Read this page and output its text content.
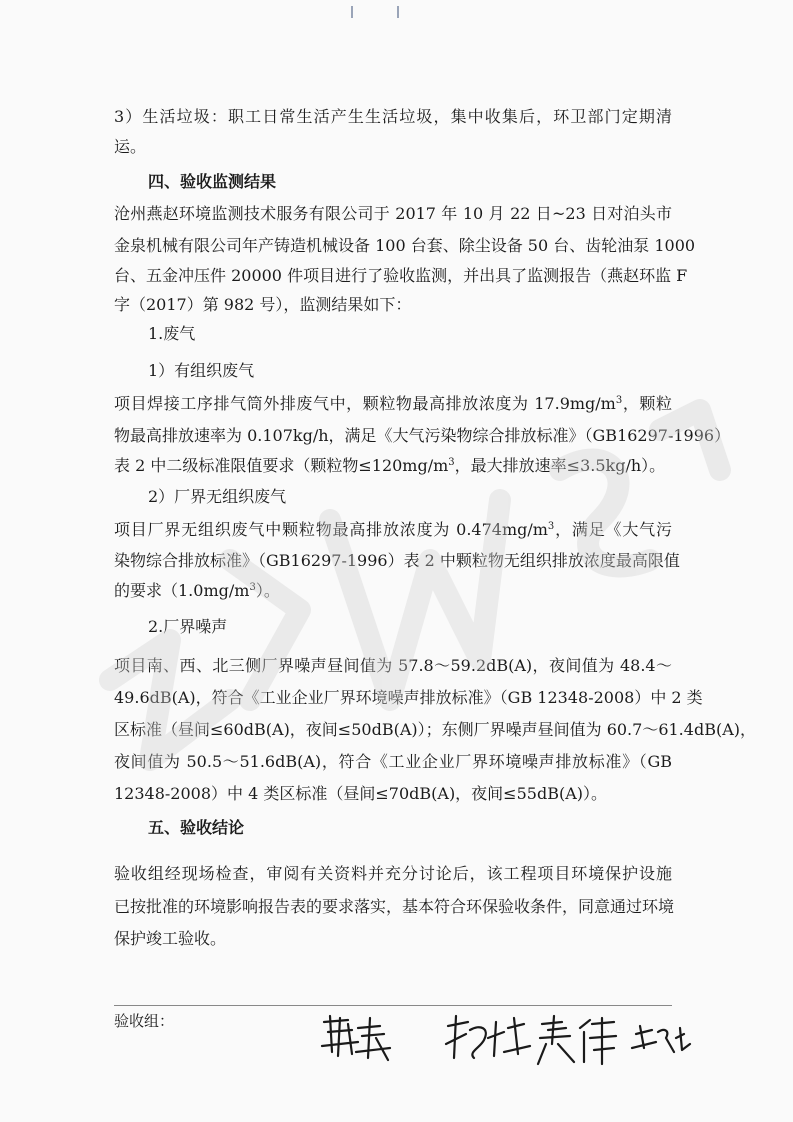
3）生活垃圾：职工日常生活产生生活垃圾，集中收集后，环卫部门定期清
运。
四、验收监测结果
沧州燕赵环境监测技术服务有限公司于 2017 年 10 月 22 日~23 日对泊头市
金泉机械有限公司年产铸造机械设备 100 台套、除尘设备 50 台、齿轮油泵 1000
台、五金冲压件 20000 件项目进行了验收监测，并出具了监测报告（燕赵环监 F
字（2017）第 982 号），监测结果如下：
1.废气
1）有组织废气
项目焊接工序排气筒外排废气中，颗粒物最高排放浓度为 $17.9mg/m^3$，颗粒
物最高排放速率为 0.107kg/h，满足《大气污染物综合排放标准》（GB16297-1996）
表 2 中二级标准限值要求（颗粒物$\le 120mg/m^3$，最大排放速率≤3.5kg/h）。
2）厂界无组织废气
项目厂界无组织废气中颗粒物最高排放浓度为 $0.474mg/m^3$，满足《大气污
染物综合排放标准》（GB16297-1996）表 2 中颗粒物无组织排放浓度最高限值
的要求$(1.0mg/m^3)$。
2.厂界噪声
项目南、西、北三侧厂界噪声昼间值为 57.8～59.2dB(A)，夜间值为 48.4～
49.6dB(A)，符合《工业企业厂界环境噪声排放标准》（GB 12348-2008）中 2 类
区标准（昼间≤60dB(A)，夜间≤50dB(A)）；东侧厂界噪声昼间值为 60.7～61.4dB(A)，
夜间值为 50.5～51.6dB(A)，符合《工业企业厂界环境噪声排放标准》（GB
12348-2008）中 4 类区标准（昼间≤70dB(A)，夜间≤55dB(A)）。
五、验收结论
验收组经现场检查，审阅有关资料并充分讨论后，该工程项目环境保护设施
已按批准的环境影响报告表的要求落实，基本符合环保验收条件，同意通过环境
保护竣工验收。
验收组：
